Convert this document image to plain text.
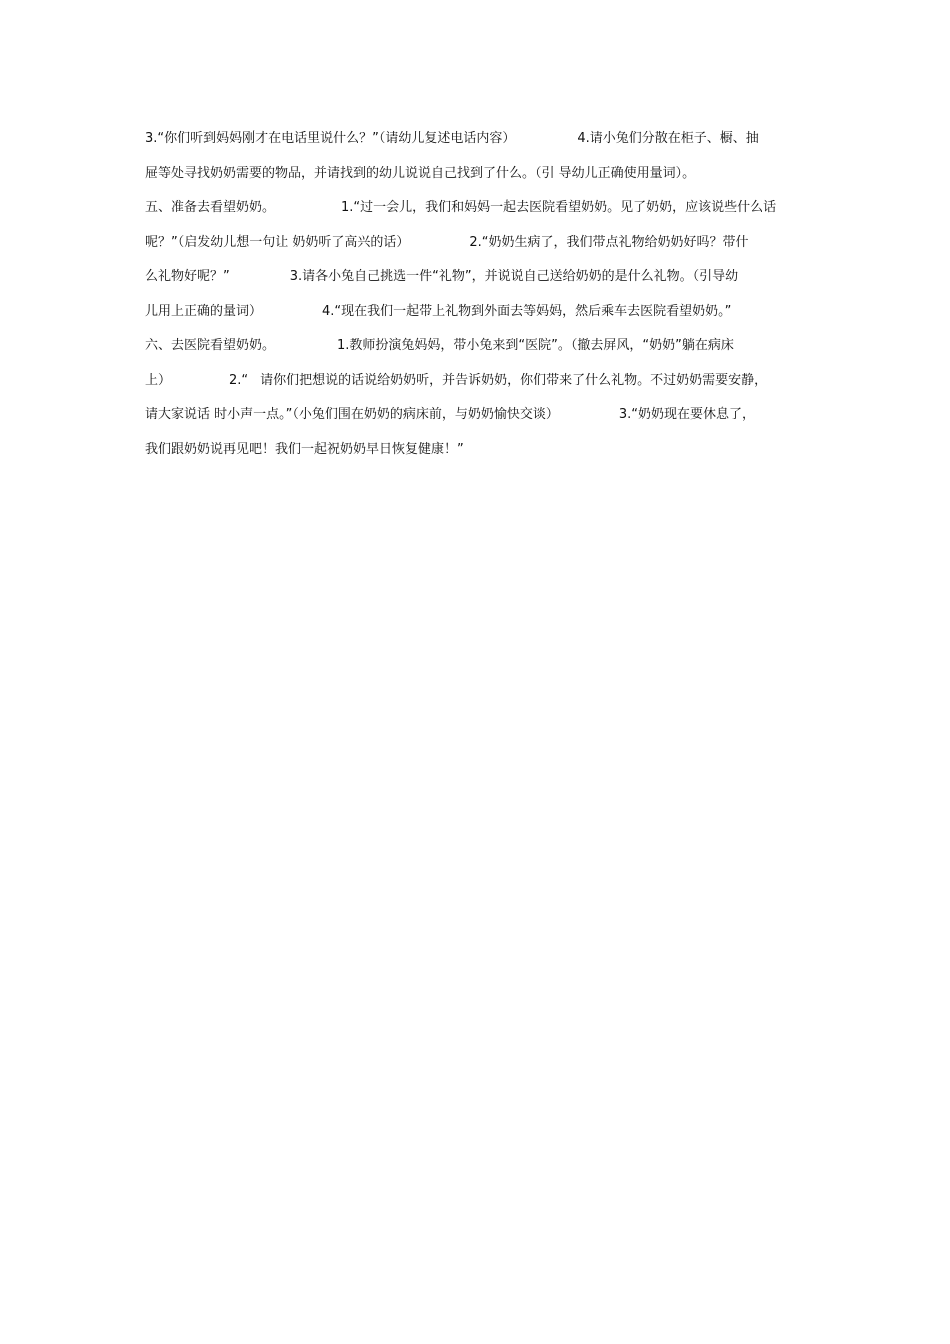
3.“你们听到妈妈刚才在电话里说什么？”（请幼儿复述电话内容）	4.请小兔们分散在柜子、橱、抽
屉等处寻找奶奶需要的物品，并请找到的幼儿说说自己找到了什么。（引 导幼儿正确使用量词）。
五、准备去看望奶奶。	1.“过一会儿，我们和妈妈一起去医院看望奶奶。见了奶奶，应该说些什么话
呢？”（启发幼儿想一句让 奶奶听了高兴的话）	2.“奶奶生病了，我们带点礼物给奶奶好吗？带什
么礼物好呢？”	3.请各小兔自己挑选一件“礼物”，并说说自己送给奶奶的是什么礼物。（引导幼
儿用上正确的量词）	4.“现在我们一起带上礼物到外面去等妈妈，然后乘车去医院看望奶奶。”
六、去医院看望奶奶。	1.教师扮演兔妈妈，带小兔来到“医院”。（撤去屏风，“奶奶”躺在病床
上）	2.“ 请你们把想说的话说给奶奶听，并告诉奶奶，你们带来了什么礼物。不过奶奶需要安静，
请大家说话 时小声一点。”（小兔们围在奶奶的病床前，与奶奶愉快交谈）	3.“奶奶现在要休息了，
我们跟奶奶说再见吧！我们一起祝奶奶早日恢复健康！”
